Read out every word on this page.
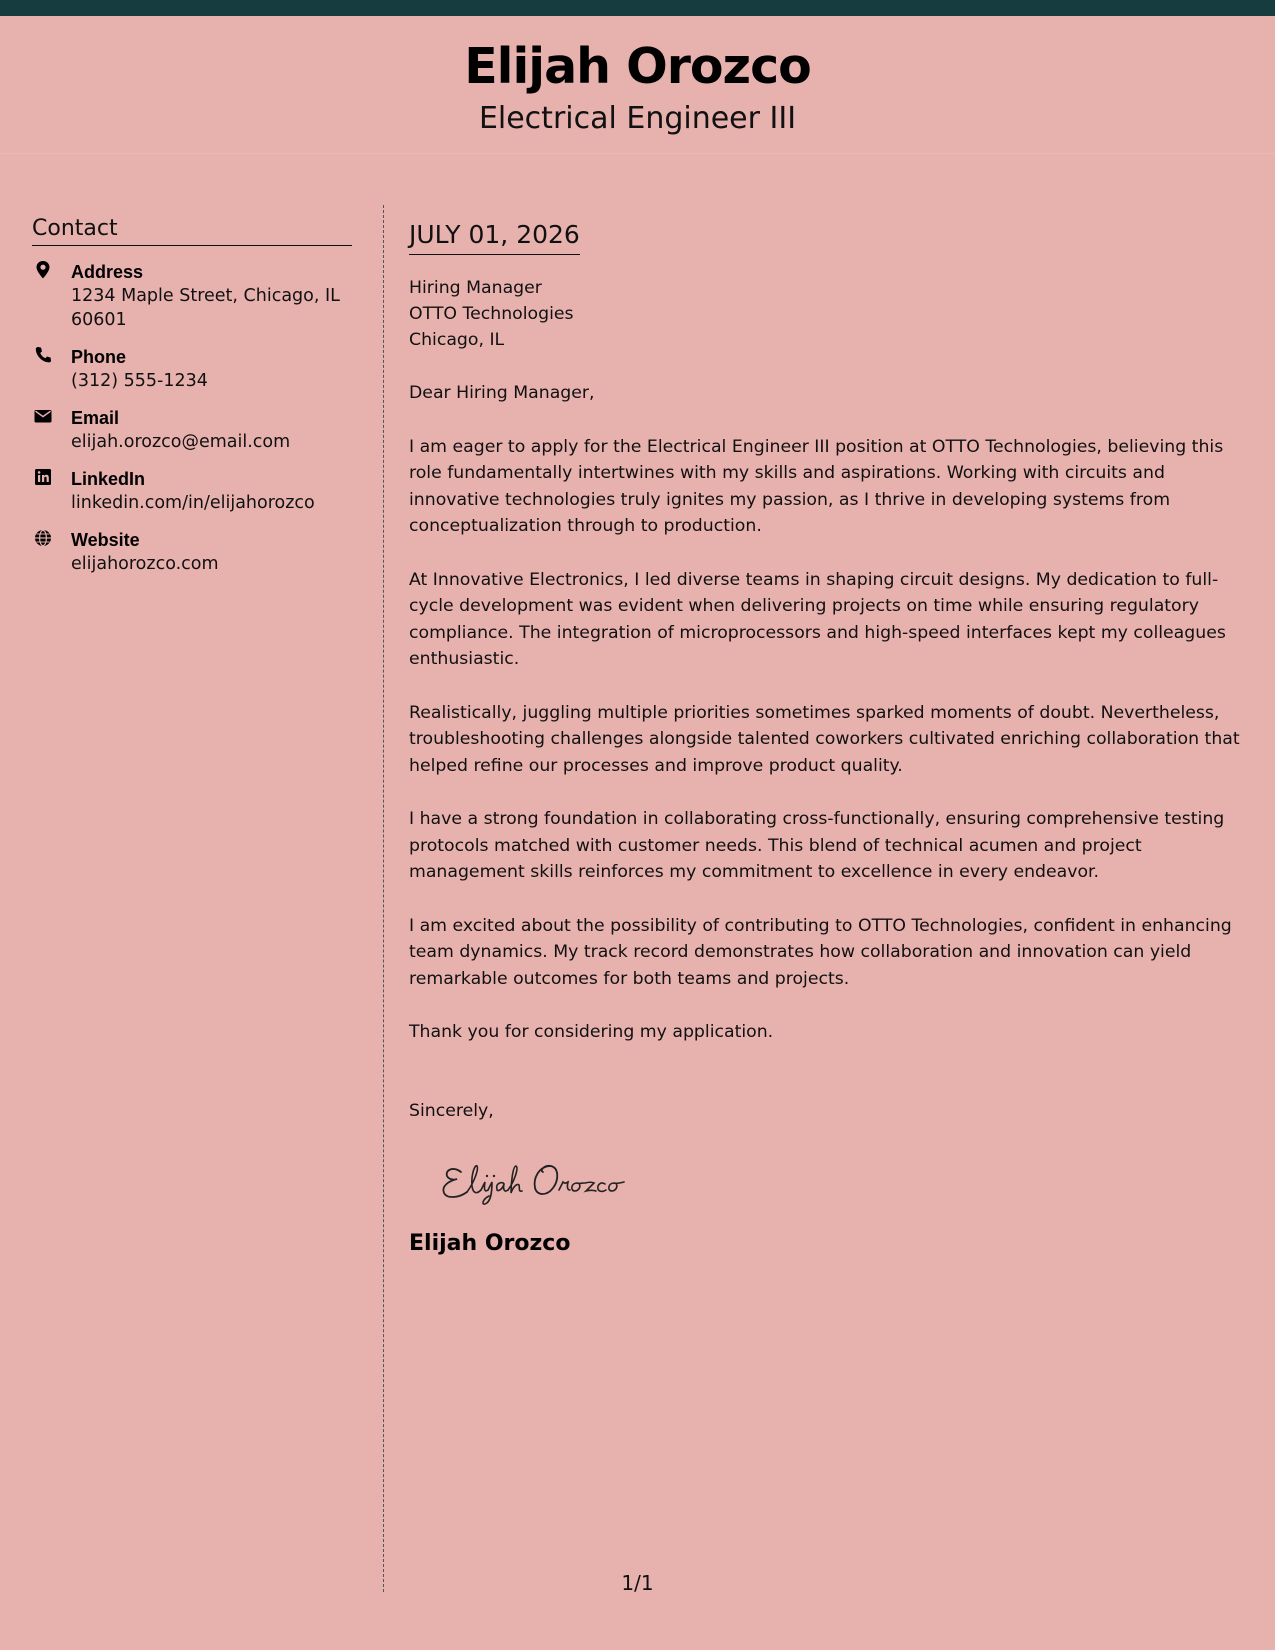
Elijah Orozco
Electrical Engineer III
Contact
Address
1234 Maple Street, Chicago, IL 60601
Phone
(312) 555-1234
Email
elijah.orozco@email.com
LinkedIn
linkedin.com/in/elijahorozco
Website
elijahorozco.com
JULY 01, 2026
Hiring Manager
OTTO Technologies
Chicago, IL
Dear Hiring Manager,

I am eager to apply for the Electrical Engineer III position at OTTO Technologies, believing this role fundamentally intertwines with my skills and aspirations. Working with circuits and innovative technologies truly ignites my passion, as I thrive in developing systems from conceptualization through to production.

At Innovative Electronics, I led diverse teams in shaping circuit designs. My dedication to full-cycle development was evident when delivering projects on time while ensuring regulatory compliance. The integration of microprocessors and high-speed interfaces kept my colleagues enthusiastic.

Realistically, juggling multiple priorities sometimes sparked moments of doubt. Nevertheless, troubleshooting challenges alongside talented coworkers cultivated enriching collaboration that helped refine our processes and improve product quality.

I have a strong foundation in collaborating cross-functionally, ensuring comprehensive testing protocols matched with customer needs. This blend of technical acumen and project management skills reinforces my commitment to excellence in every endeavor.

I am excited about the possibility of contributing to OTTO Technologies, confident in enhancing team dynamics. My track record demonstrates how collaboration and innovation can yield remarkable outcomes for both teams and projects.

Thank you for considering my application.

Sincerely,
Elijah Orozco
1/1
